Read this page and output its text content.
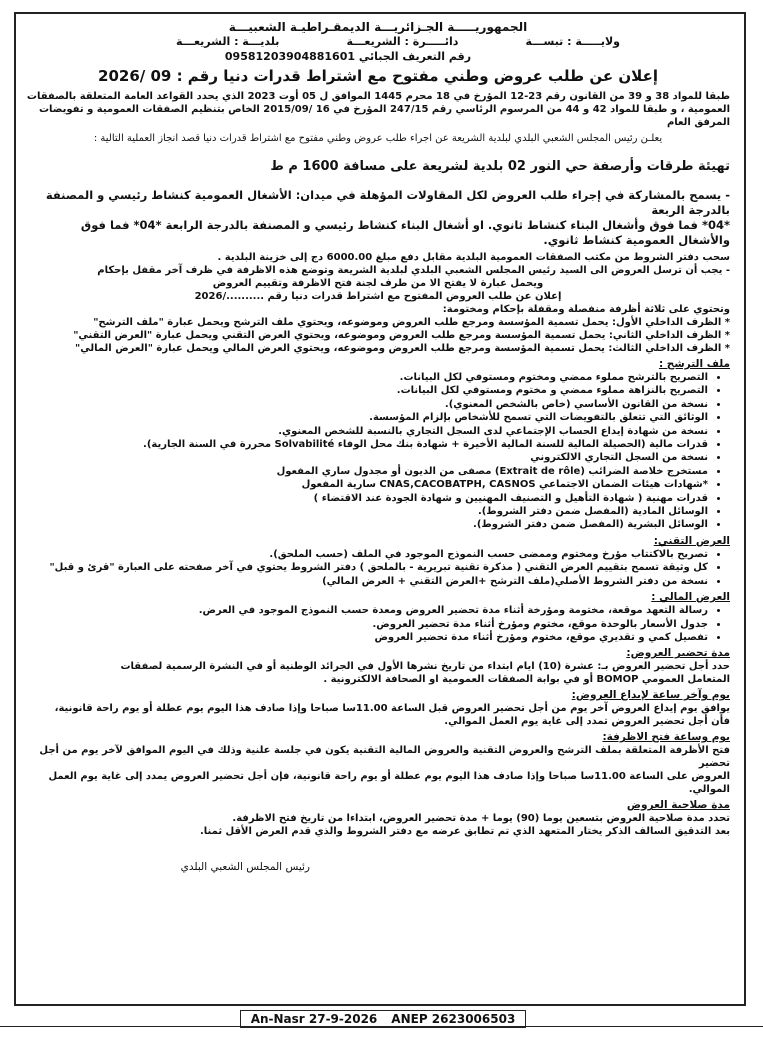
الجمهوريـــــة الجـزائريـــة الديمقـراطيـة الشعبيـــة
ولايـــــة : تبســـة
دائـــــرة : الشريعـــة
بلديـــة : الشريعـــة
رقم التعريف الجبائي 09581203904881601
إعلان عن طلب عروض وطني مفتوح مع اشتراط قدرات دنيا رقم : 09 /2026

طبقا للمواد 38 و 39 من القانون رقم 23-12 المؤرخ في 18 محرم 1445 الموافق ل 05 أوت 2023 الذي يحدد القواعد العامة المتعلقة بالصفقات العمومية ، و طبقا للمواد 42 و 44 من المرسوم الرئاسي رقم 247/15 المؤرخ في 16 /2015/09 الخاص بتنظيم الصفقات العمومية و تفويضات المرفق العام

يعلـن رئيس المجلس الشعبي البلدي لبلدية الشريعة عن اجراء طلب عروض وطني مفتوح مع اشتراط قدرات دنيا قصد انجاز العملية التالية :

تهيئة طرقات وأرصفة حي النور 02 بلدية لشريعة على مسافة 1600 م ط

- يسمح بالمشاركة في إجراء طلب العروض لكل المقاولات المؤهلة في ميدان: الأشغال العمومية كنشاط رئيسي و المصنفة بالدرجة الربعة

*04* فما فوق وأشغال البناء كنشاط ثانوي. او أشغال البناء كنشاط رئيسي و المصنفة بالدرجة الرابعة *04* فما فوق والأشغال العمومية كنشاط ثانوي.

سحب دفتر الشروط من مكتب الصفقات العمومية البلدية مقابل دفع مبلغ 6000.00 دج إلى خزينة البلدية .

- يجب أن ترسل العروض الى السيد رئيس المجلس الشعبي البلدي لبلدية الشريعة وتوضع هذه الاظرفة في ظرف آخر مقفل بإحكام

ويحمل عبارة لا يفتح الا من طرف لجنة فتح الاظرفة وتقييم العروض

إعلان عن طلب العروض المفتوح مع اشتراط قدرات دنيا رقم ........../2026

وتحتوي على ثلاثة أظرفة منفصلة ومقفلة بإحكام ومختومة:

* الظرف الداخلي الأول: يحمل تسمية المؤسسة ومرجع طلب العروض وموضوعه، ويحتوي ملف الترشح ويحمل عبارة "ملف الترشح"

* الظرف الداخلي الثاني: يحمل تسمية المؤسسة ومرجع طلب العروض وموضوعه، ويحتوي العرض التقني ويحمل عبارة "العرض التقني"

* الظرف الداخلي الثالث: يحمل تسمية المؤسسة ومرجع طلب العروض وموضوعه، ويحتوي العرض المالي ويحمل عبارة "العرض المالي"

ملف الترشح :
• التصريح بالترشح مملوء ممضي ومختوم ومستوفي لكل البيانات.
• التصريح بالنزاهة مملوء ممضي و مختوم ومستوفي لكل البيانات.
• نسخة من القانون الأساسي (خاص بالشخص المعنوي).
• الوثائق التي تتعلق بالتفويضات التي تسمح للأشخاص بإلزام المؤسسة.
• نسخة من شهادة إيداع الحساب الإجتماعي لدى السجل التجاري بالنسبة للشخص المعنوي.
• قدرات مالية (الحصيلة المالية للسنة المالية الأخيرة + شهادة بنك محل الوفاء Solvabilité محررة في السنة الجارية).
• نسخة من السجل التجاري الالكتروني
• مستخرج خلاصة الضرائب (Extrait de rôle) مصفى من الديون أو مجدول ساري المفعول
• *شهادات هيئات الضمان الاجتماعي CNAS,CACOBATPH, CASNOS سارية المفعول
• قدرات مهنية ( شهادة التأهيل و التصنيف المهنيين و شهادة الجودة عند الاقتضاء )
• الوسائل المادية (المفصل ضمن دفتر الشروط).
• الوسائل البشرية (المفصل ضمن دفتر الشروط).
العرض التقني:
• تصريح بالاكتتاب مؤرخ ومختوم وممضى حسب النموذج الموجود في الملف (حسب الملحق).
• كل وثيقة تسمح بتقييم العرض التقني ( مذكرة تقنية تبريرية - بالملحق ) دفتر الشروط يحتوي في آخر صفحته على العبارة "قرئ و قبل"
• نسخة من دفتر الشروط الأصلي(ملف الترشح +العرض التقني + العرض المالي)
العرض المالي :
• رسالة التعهد موقعة، مختومة ومؤرخة أثناء مدة تحضير العروض ومعدة حسب النموذج الموجود في العرض.
• جدول الأسعار بالوحدة موقع، مختوم ومؤرخ أثناء مدة تحضير العروض.
• تفصيل كمي و تقديري موقع، مختوم ومؤرخ أثناء مدة تحضير العروض
مدة تحضير العروض:

حدد أجل تحضير العروض بـ: عشرة (10) ايام ابتداء من تاريخ نشرها الأول في الجرائد الوطنية أو في النشرة الرسمية لصفقات

المتعامل العمومي BOMOP أو في بوابة الصفقات العمومية او الصحافة الالكترونية .

يوم وآخر ساعة لإيداع العروض:

يوافق يوم إيداع العروض آخر يوم من أجل تحضير العروض قبل الساعة 11.00سا صباحا وإذا صادف هذا اليوم يوم عطلة أو يوم راحة قانونية،

فأن أجل تحضير العروض تمدد إلى غاية يوم العمل الموالي.

يوم وساعة فتح الاظرفة:

فتح الأظرفة المتعلقة بملف الترشح والعروض التقنية والعروض المالية التقنية يكون في جلسة علنية وذلك في اليوم الموافق لآخر يوم من أجل تحضير

العروض على الساعة 11.00سا صباحا وإذا صادف هذا اليوم يوم عطلة أو يوم راحة قانونية، فإن أجل تحضير العروض يمدد إلى غاية يوم العمل

الموالي.

مدة صلاحية العروض

تحدد مدة صلاحية العروض بتسعين يوما (90) يوما + مدة تحضير العروض، ابتداءا من تاريخ فتح الاظرفة.

بعد التدقيق السالف الذكر يختار المتعهد الذي تم تطابق عرضه مع دفتر الشروط والذي قدم العرض الأقل ثمنا.

رئيس المجلس الشعبي البلدي
An-Nasr 27-9-2026 ANEP 2623006503
